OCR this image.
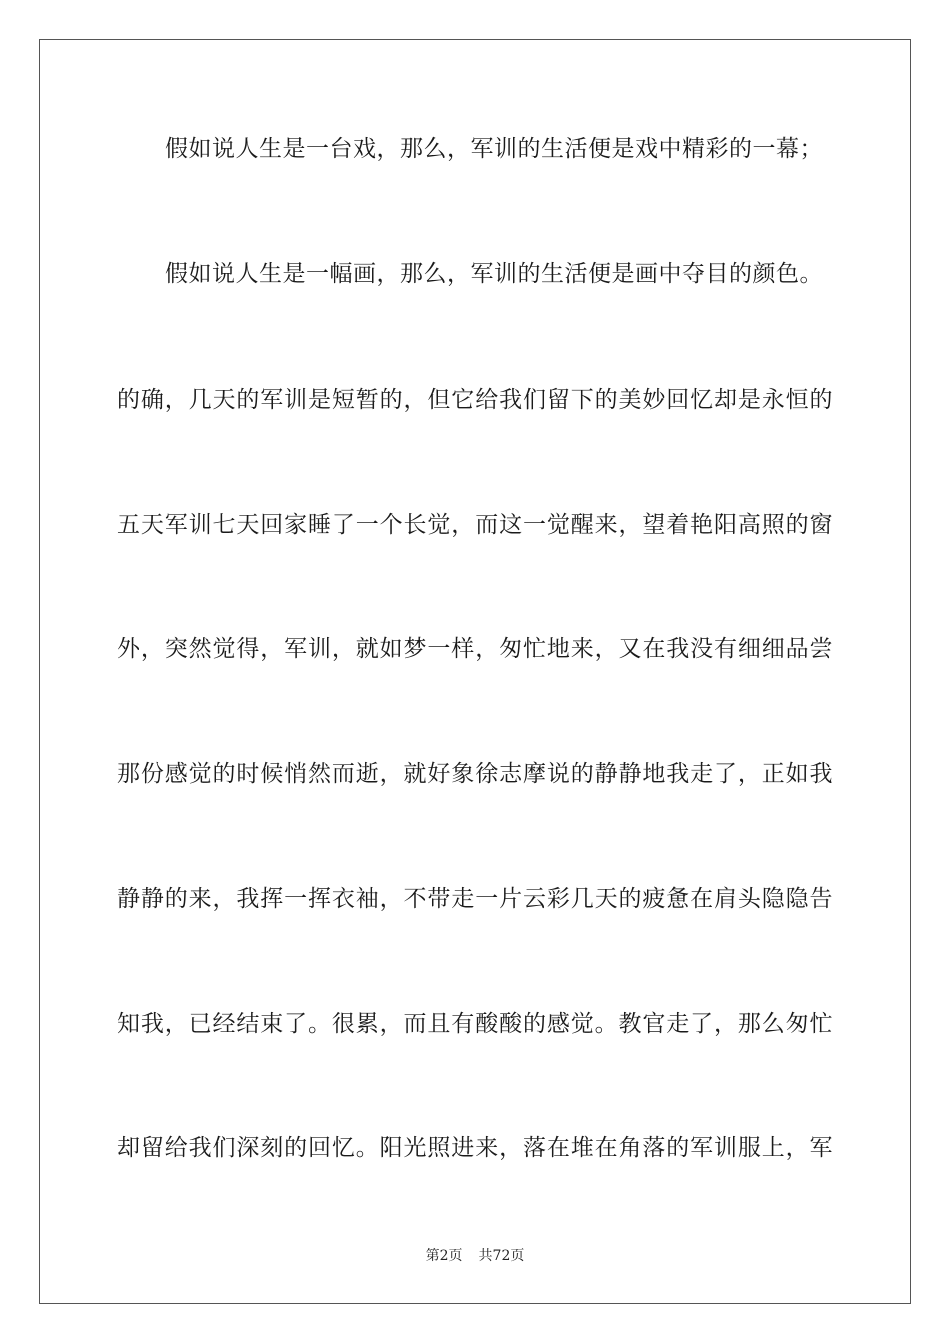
假如说人生是一台戏，那么，军训的生活便是戏中精彩的一幕；
假如说人生是一幅画，那么，军训的生活便是画中夺目的颜色。
的确，几天的军训是短暂的，但它给我们留下的美妙回忆却是永恒的
五天军训七天回家睡了一个长觉，而这一觉醒来，望着艳阳高照的窗
外，突然觉得，军训，就如梦一样，匆忙地来，又在我没有细细品尝
那份感觉的时候悄然而逝，就好象徐志摩说的静静地我走了，正如我
静静的来，我挥一挥衣袖，不带走一片云彩几天的疲惫在肩头隐隐告
知我，已经结束了。很累，而且有酸酸的感觉。教官走了，那么匆忙
却留给我们深刻的回忆。阳光照进来，落在堆在角落的军训服上，军
第2页 共72页
